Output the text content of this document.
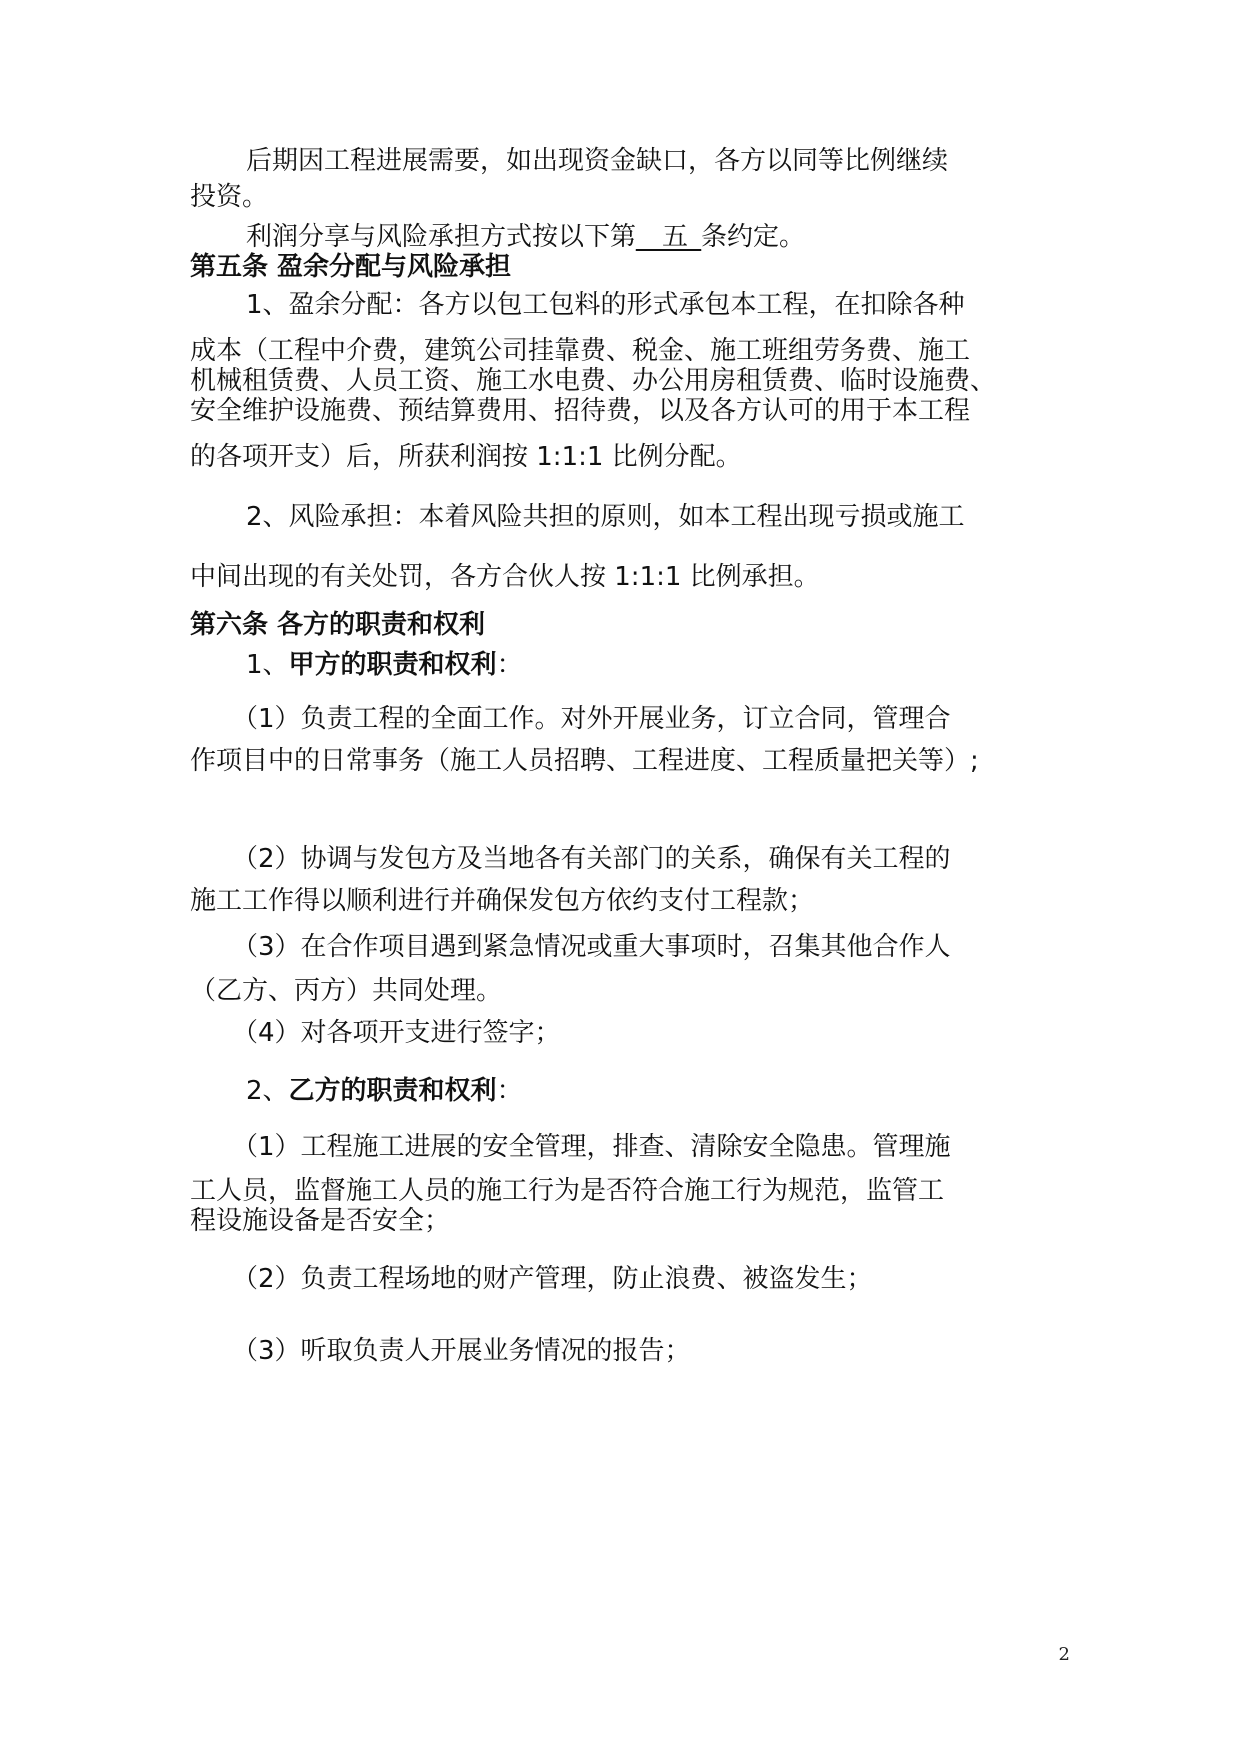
后期因工程进展需要，如出现资金缺口，各方以同等比例继续
投资。
利润分享与风险承担方式按以下第__五_条约定。
第五条 盈余分配与风险承担
1、盈余分配：各方以包工包料的形式承包本工程，在扣除各种
成本（工程中介费，建筑公司挂靠费、税金、施工班组劳务费、施工
机械租赁费、人员工资、施工水电费、办公用房租赁费、临时设施费、
安全维护设施费、预结算费用、招待费，以及各方认可的用于本工程
的各项开支）后，所获利润按 1:1:1 比例分配。
2、风险承担：本着风险共担的原则，如本工程出现亏损或施工
中间出现的有关处罚，各方合伙人按 1:1:1 比例承担。
第六条 各方的职责和权利
1、甲方的职责和权利：
（1）负责工程的全面工作。对外开展业务，订立合同，管理合
作项目中的日常事务（施工人员招聘、工程进度、工程质量把关等）;
（2）协调与发包方及当地各有关部门的关系，确保有关工程的
施工工作得以顺利进行并确保发包方依约支付工程款；
（3）在合作项目遇到紧急情况或重大事项时，召集其他合作人
（乙方、丙方）共同处理。
（4）对各项开支进行签字；
2、乙方的职责和权利：
（1）工程施工进展的安全管理，排查、清除安全隐患。管理施
工人员，监督施工人员的施工行为是否符合施工行为规范，监管工
程设施设备是否安全；
（2）负责工程场地的财产管理，防止浪费、被盗发生；
（3）听取负责人开展业务情况的报告；
2
